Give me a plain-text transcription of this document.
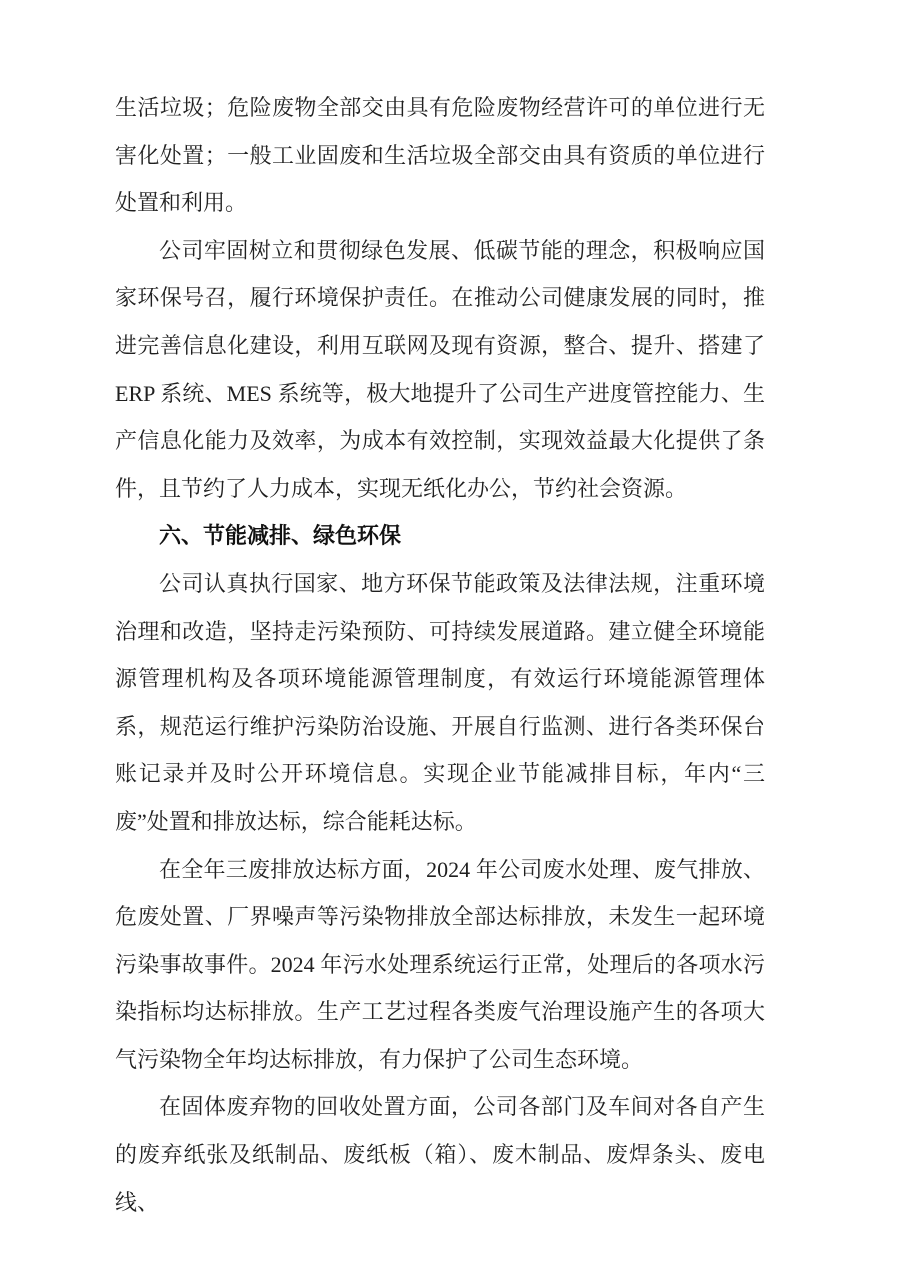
生活垃圾；危险废物全部交由具有危险废物经营许可的单位进行无害化处置；一般工业固废和生活垃圾全部交由具有资质的单位进行处置和利用。

公司牢固树立和贯彻绿色发展、低碳节能的理念，积极响应国家环保号召，履行环境保护责任。在推动公司健康发展的同时，推进完善信息化建设，利用互联网及现有资源，整合、提升、搭建了 ERP 系统、MES 系统等，极大地提升了公司生产进度管控能力、生产信息化能力及效率，为成本有效控制，实现效益最大化提供了条件，且节约了人力成本，实现无纸化办公，节约社会资源。

六、节能减排、绿色环保

公司认真执行国家、地方环保节能政策及法律法规，注重环境治理和改造，坚持走污染预防、可持续发展道路。建立健全环境能源管理机构及各项环境能源管理制度，有效运行环境能源管理体系，规范运行维护污染防治设施、开展自行监测、进行各类环保台账记录并及时公开环境信息。实现企业节能减排目标，年内“三废”处置和排放达标，综合能耗达标。

在全年三废排放达标方面，2024 年公司废水处理、废气排放、危废处置、厂界噪声等污染物排放全部达标排放，未发生一起环境污染事故事件。2024 年污水处理系统运行正常，处理后的各项水污染指标均达标排放。生产工艺过程各类废气治理设施产生的各项大气污染物全年均达标排放，有力保护了公司生态环境。

在固体废弃物的回收处置方面，公司各部门及车间对各自产生的废弃纸张及纸制品、废纸板（箱）、废木制品、废焊条头、废电线、
